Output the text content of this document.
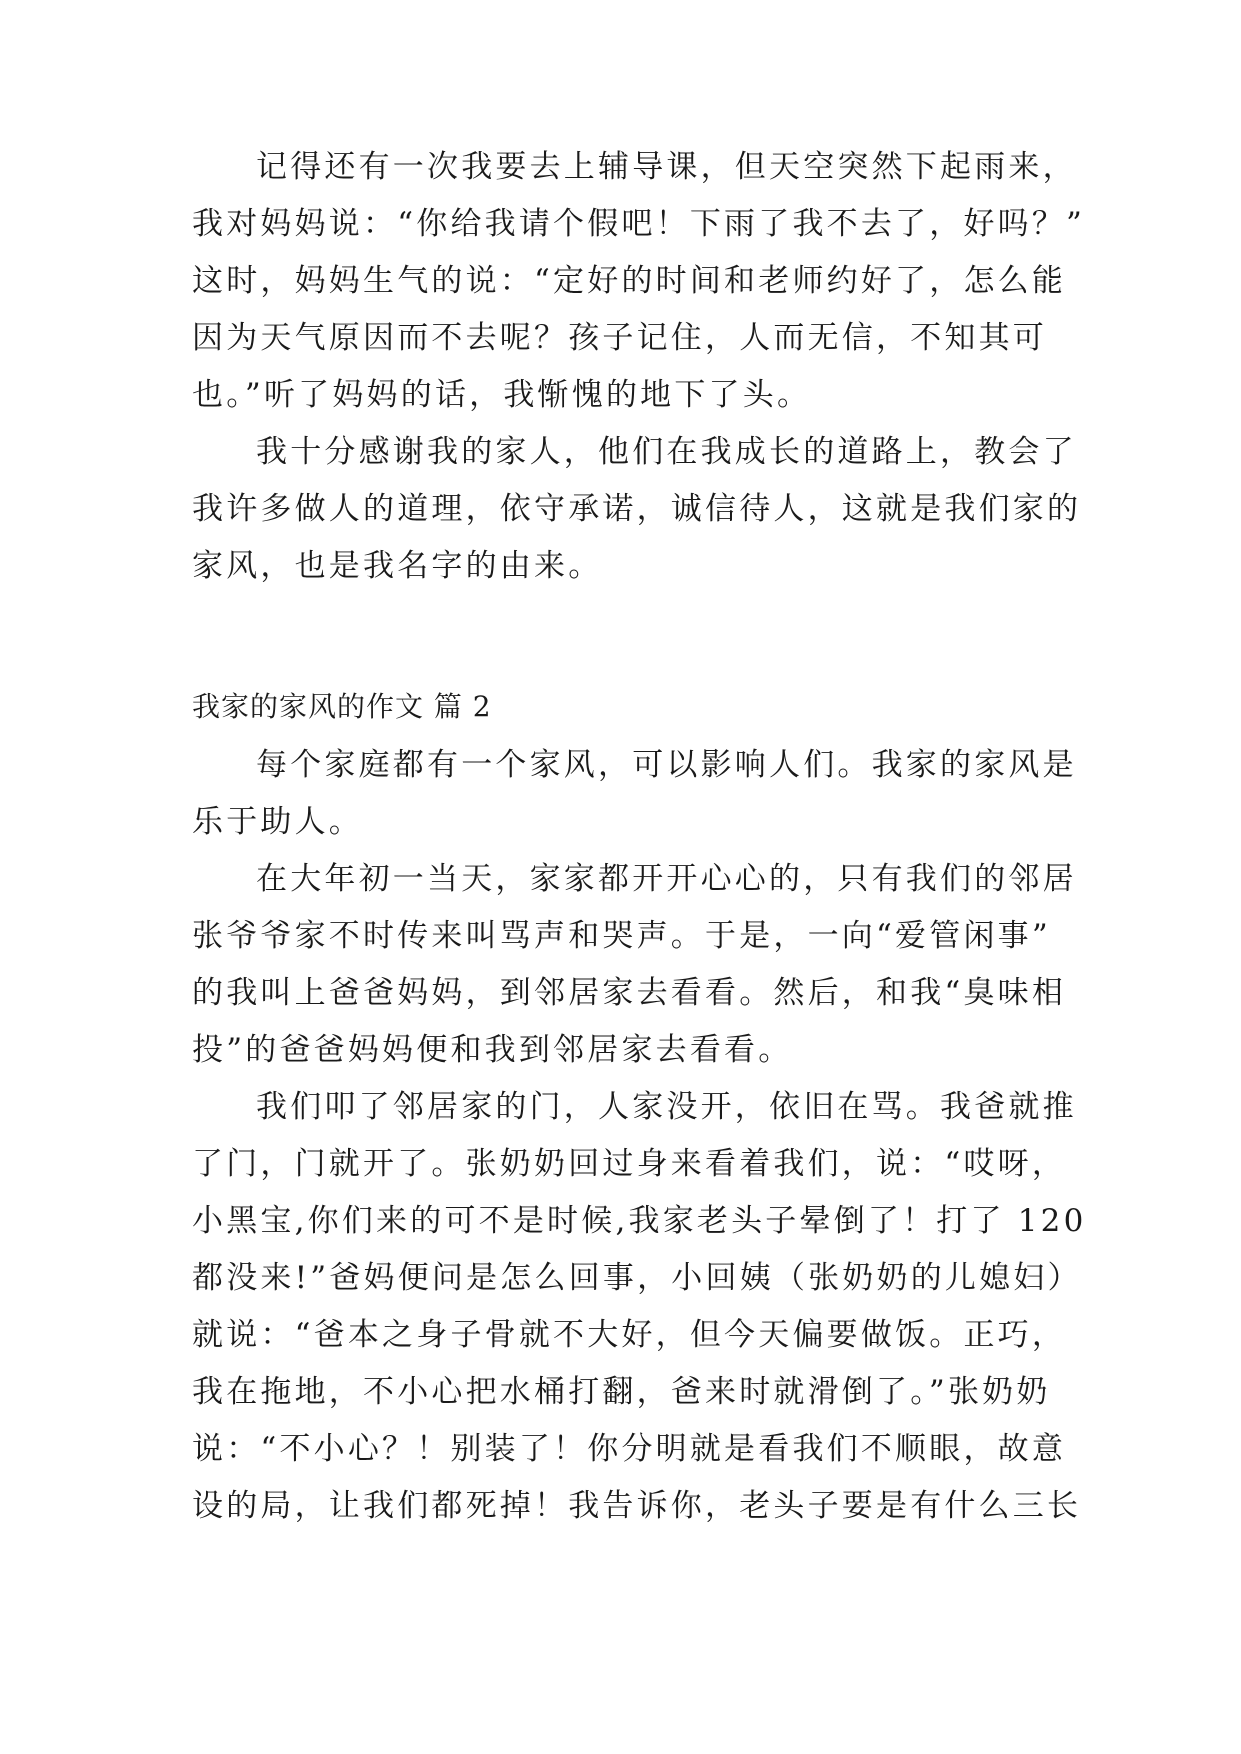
记得还有一次我要去上辅导课，但天空突然下起雨来，
我对妈妈说：“你给我请个假吧！下雨了我不去了，好吗？”
这时，妈妈生气的说：“定好的时间和老师约好了，怎么能
因为天气原因而不去呢？孩子记住，人而无信，不知其可
也。”听了妈妈的话，我惭愧的地下了头。
我十分感谢我的家人，他们在我成长的道路上，教会了
我许多做人的道理，依守承诺，诚信待人，这就是我们家的
家风，也是我名字的由来。
我家的家风的作文 篇 2
每个家庭都有一个家风，可以影响人们。我家的家风是
乐于助人。
在大年初一当天，家家都开开心心的，只有我们的邻居
张爷爷家不时传来叫骂声和哭声。于是，一向“爱管闲事”
的我叫上爸爸妈妈，到邻居家去看看。然后，和我“臭味相
投”的爸爸妈妈便和我到邻居家去看看。
我们叩了邻居家的门，人家没开，依旧在骂。我爸就推
了门，门就开了。张奶奶回过身来看着我们，说：“哎呀，
小黑宝,你们来的可不是时候,我家老头子晕倒了！打了 120
都没来!”爸妈便问是怎么回事，小回姨（张奶奶的儿媳妇）
就说：“爸本之身子骨就不大好，但今天偏要做饭。正巧，
我在拖地，不小心把水桶打翻，爸来时就滑倒了。”张奶奶
说：“不小心？！别装了！你分明就是看我们不顺眼，故意
设的局，让我们都死掉！我告诉你，老头子要是有什么三长
